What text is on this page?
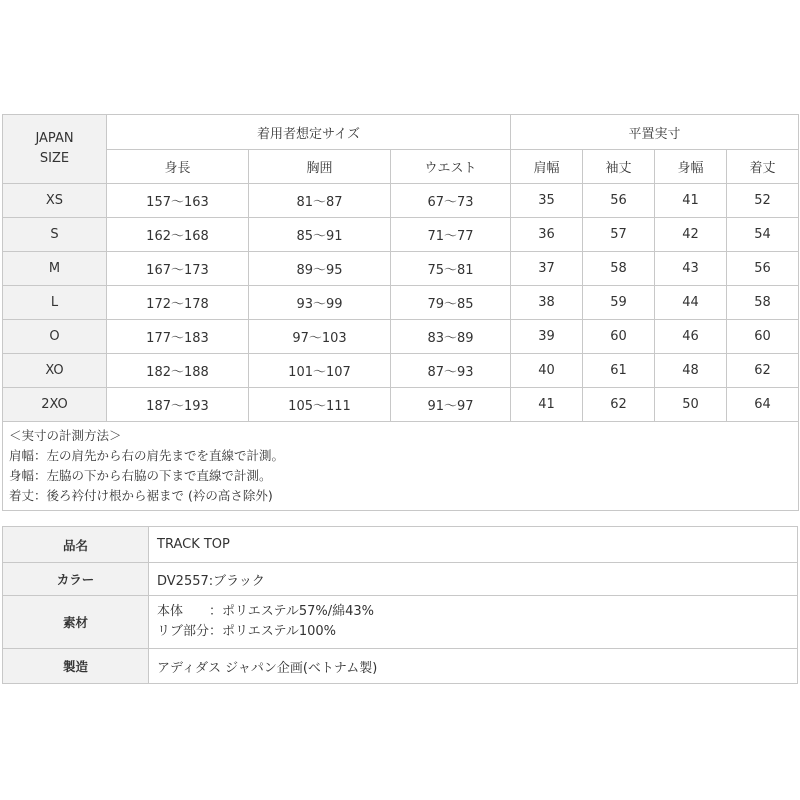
JAPAN
SIZE	着用者想定サイズ			平置実寸			
	身長	胸囲	ウエスト	肩幅	袖丈	身幅	着丈
XS	157〜163	81〜87	67〜73	35	56	41	52
S	162〜168	85〜91	71〜77	36	57	42	54
M	167〜173	89〜95	75〜81	37	58	43	56
L	172〜178	93〜99	79〜85	38	59	44	58
O	177〜183	97〜103	83〜89	39	60	46	60
XO	182〜188	101〜107	87〜93	40	61	48	62
2XO	187〜193	105〜111	91〜97	41	62	50	64

＜実寸の計測方法＞
肩幅：左の肩先から右の肩先までを直線で計測。
身幅：左脇の下から右脇の下まで直線で計測。
着丈：後ろ衿付け根から裾まで (衿の高さ除外)							
品名	TRACK TOP
カラー	DV2557:ブラック
素材	本体　　：ポリエステル57%/綿43%
リブ部分：ポリエステル100%

製造	アディダス ジャパン企画(ベトナム製)
